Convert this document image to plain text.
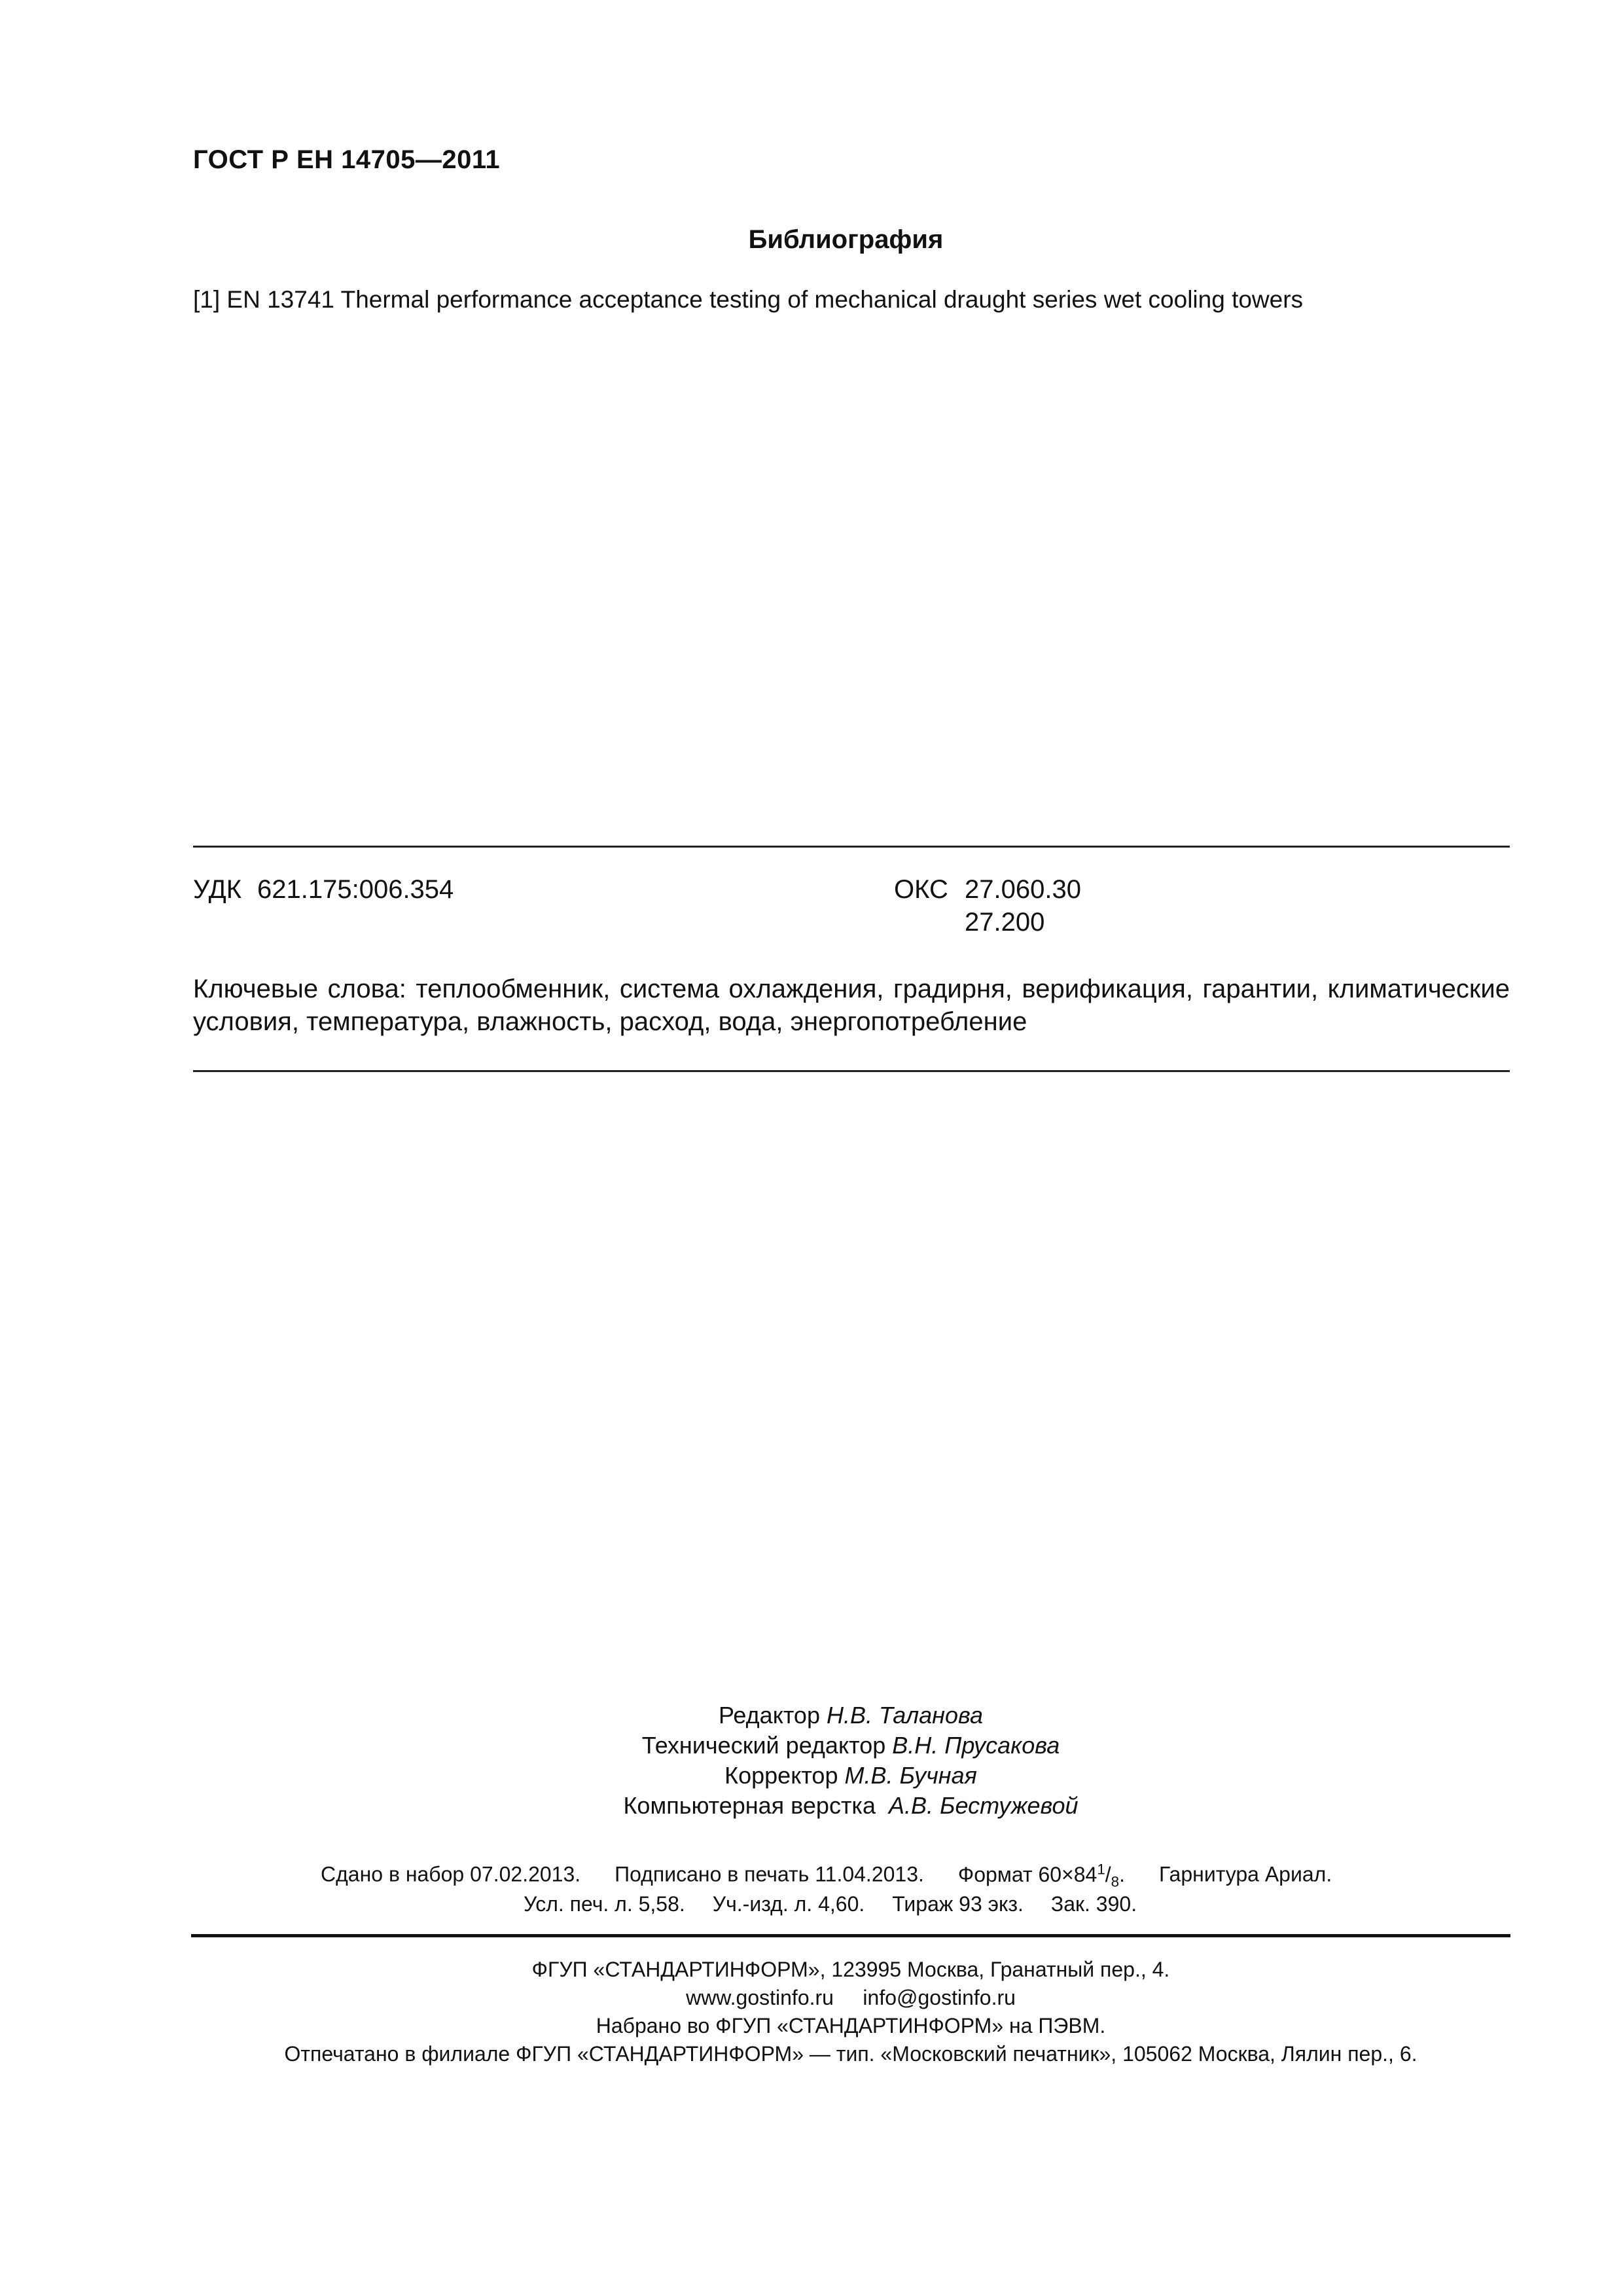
ГОСТ Р ЕН 14705—2011
Библиография
[1] EN 13741 Thermal performance acceptance testing of mechanical draught series wet cooling towers
УДК 621.175:006.354	ОКС 27.060.30
27.200
Ключевые слова: теплообменник, система охлаждения, градирня, верификация, гарантии, климатические условия, температура, влажность, расход, вода, энергопотребление
Редактор Н.В. Таланова
Технический редактор В.Н. Прусакова
Корректор М.В. Бучная
Компьютерная верстка А.В. Бестужевой
Сдано в набор 07.02.2013. Подписано в печать 11.04.2013. Формат $60\times 84^1/_8$. Гарнитура Ариал.
Усл. печ. л. 5,58. Уч.-изд. л. 4,60. Тираж 93 экз. Зак. 390.
ФГУП «СТАНДАРТИНФОРМ», 123995 Москва, Гранатный пер., 4.
www.gostinfo.ru info@gostinfo.ru
Набрано во ФГУП «СТАНДАРТИНФОРМ» на ПЭВМ.
Отпечатано в филиале ФГУП «СТАНДАРТИНФОРМ» — тип. «Московский печатник», 105062 Москва, Лялин пер., 6.
